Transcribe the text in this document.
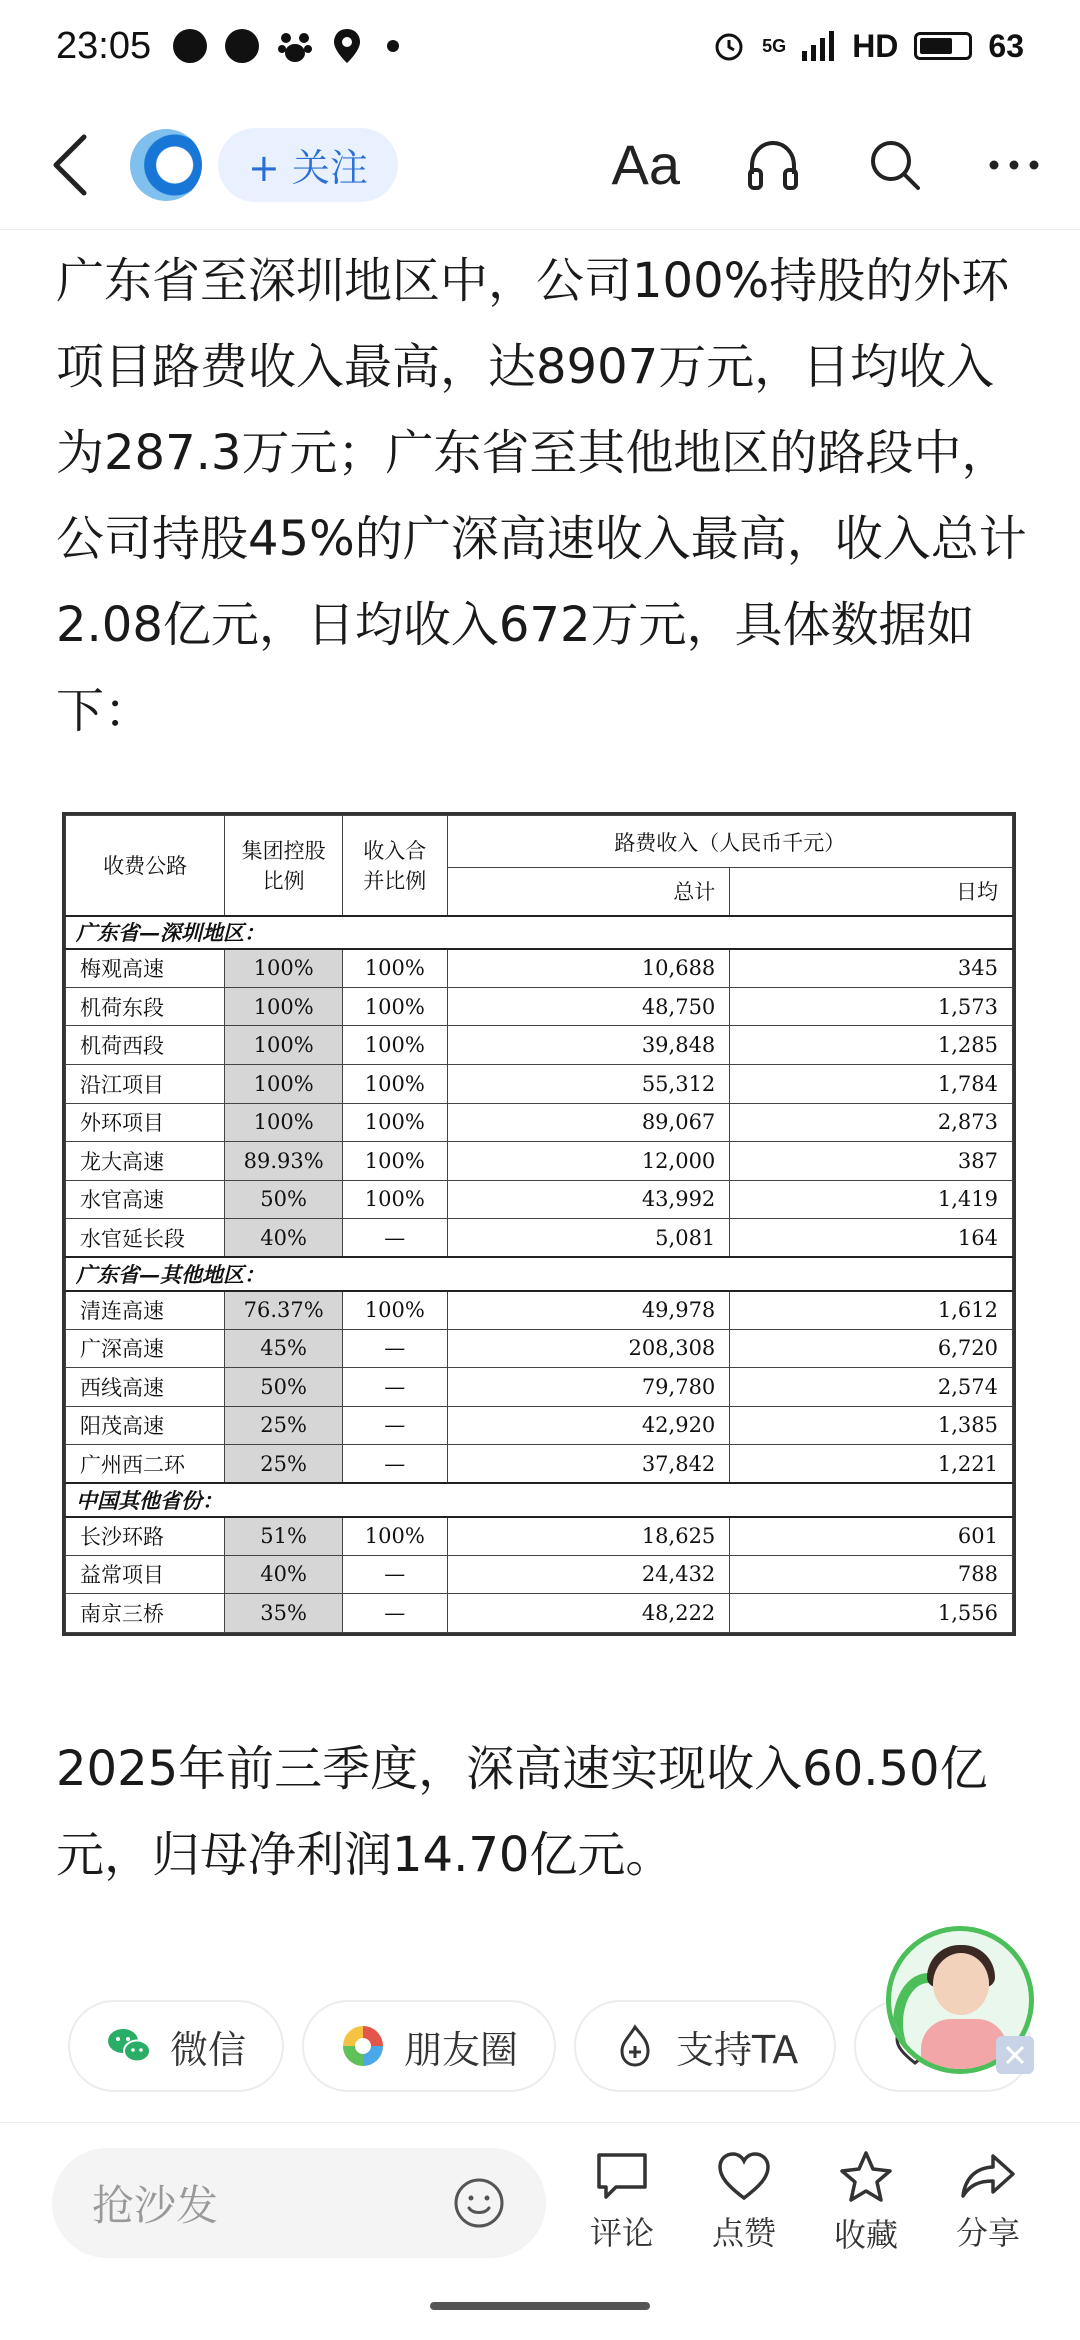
23:05	5G HD	63
+ 关注	Aa
广东省至深圳地区中，公司100%持股的外环项目路费收入最高，达8907万元，日均收入为287.3万元；广东省至其他地区的路段中，公司持股45%的广深高速收入最高，收入总计2.08亿元，日均收入672万元，具体数据如下：
收费公路	集团控股比例	收入合并比例	路费收入（人民币千元）	
			总计	日均
广东省—深圳地区：				
梅观高速	100%	100%	10,688	345
机荷东段	100%	100%	48,750	1,573
机荷西段	100%	100%	39,848	1,285
沿江项目	100%	100%	55,312	1,784
外环项目	100%	100%	89,067	2,873
龙大高速	89.93%	100%	12,000	387
水官高速	50%	100%	43,992	1,419
水官延长段	40%	—	5,081	164
广东省—其他地区：				
清连高速	76.37%	100%	49,978	1,612
广深高速	45%	—	208,308	6,720
西线高速	50%	—	79,780	2,574
阳茂高速	25%	—	42,920	1,385
广州西二环	25%	—	37,842	1,221
中国其他省份：				
长沙环路	51%	100%	18,625	601
益常项目	40%	—	24,432	788
南京三桥	35%	—	48,222	1,556
2025年前三季度，深高速实现收入60.50亿元，归母净利润14.70亿元。
微信	朋友圈	支持TA
抢沙发
评论 点赞 收藏 分享
